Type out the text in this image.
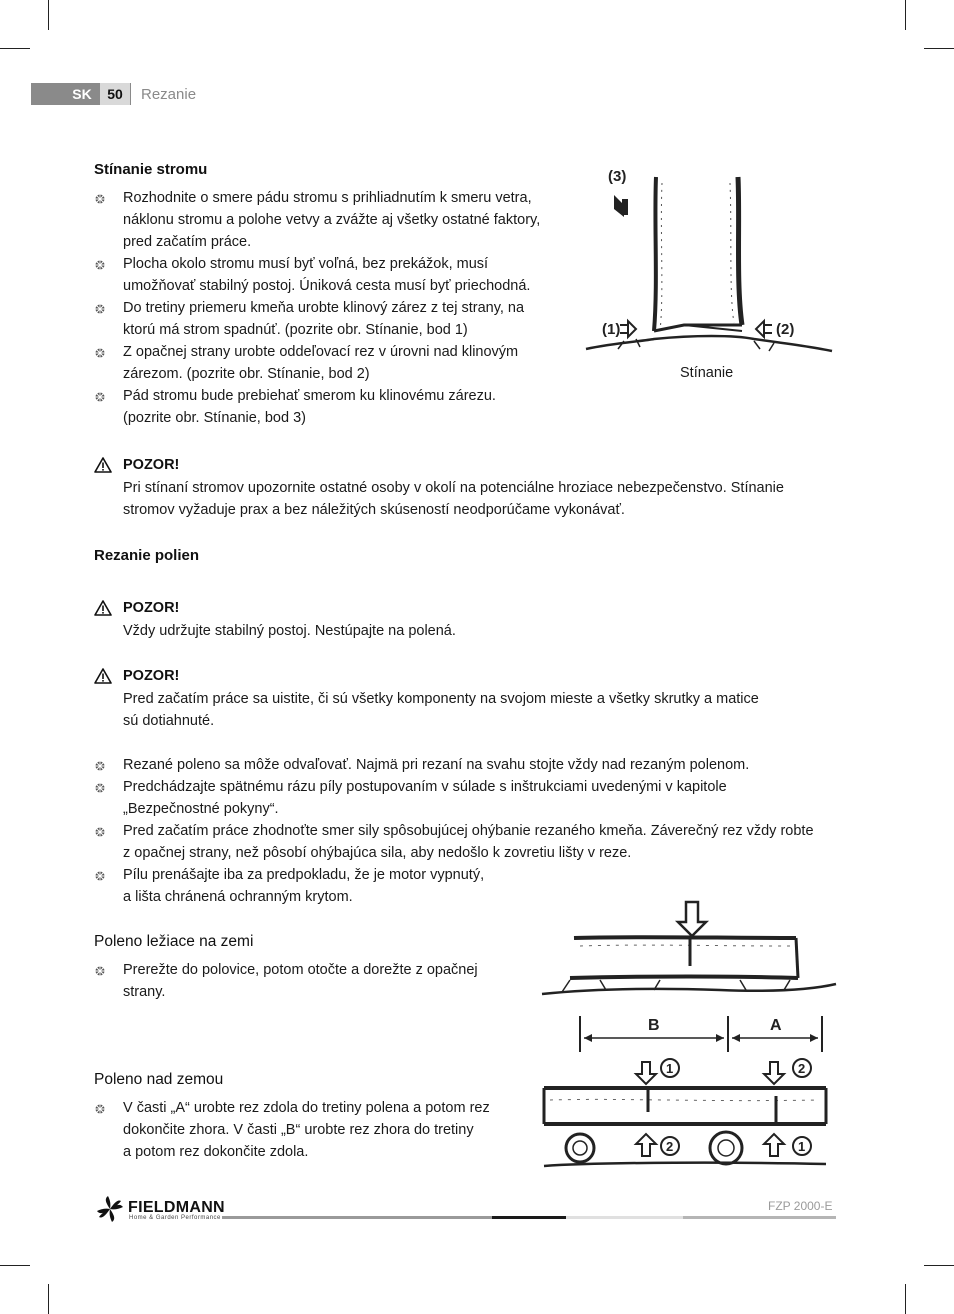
SK	50	Rezanie
Stínanie stromu

Rozhodnite o smere pádu stromu s prihliadnutím k smeru vetra,
náklonu stromu a polohe vetvy a zvážte aj všetky ostatné faktory,
pred začatím práce.

Plocha okolo stromu musí byť voľná, bez prekážok, musí
umožňovať stabilný postoj. Úniková cesta musí byť priechodná.

Do tretiny priemeru kmeňa urobte klinový zárez z tej strany, na
ktorú má strom spadnúť. (pozrite obr. Stínanie, bod 1)

Z opačnej strany urobte oddeľovací rez v úrovni nad klinovým
zárezom. (pozrite obr. Stínanie, bod 2)

Pád stromu bude prebiehať smerom ku klinovému zárezu.
(pozrite obr. Stínanie, bod 3)

(3)
(1)	(2)
Stínanie
POZOR!

Pri stínaní stromov upozornite ostatné osoby v okolí na potenciálne hroziace nebezpečenstvo. Stínanie
stromov vyžaduje prax a bez náležitých skúseností neodporúčame vykonávať.

Rezanie polien
POZOR!

Vždy udržujte stabilný postoj. Nestúpajte na polená.

POZOR!

Pred začatím práce sa uistite, či sú všetky komponenty na svojom mieste a všetky skrutky a matice
sú dotiahnuté.

Rezané poleno sa môže odvaľovať. Najmä pri rezaní na svahu stojte vždy nad rezaným polenom.

Predchádzajte spätnému rázu píly postupovaním v súlade s inštrukciami uvedenými v kapitole
„Bezpečnostné pokyny“.

Pred začatím práce zhodnoťte smer sily spôsobujúcej ohýbanie rezaného kmeňa. Záverečný rez vždy robte
z opačnej strany, než pôsobí ohýbajúca sila, aby nedošlo k zovretiu lišty v reze.

Pílu prenášajte iba za predpokladu, že je motor vypnutý,
a lišta chránená ochranným krytom.

Poleno ležiace na zemi

Prerežte do polovice, potom otočte a dorežte z opačnej
strany.

Poleno nad zemou

V časti „A“ urobte rez zdola do tretiny polena a potom rez
dokončite zhora. V časti „B“ urobte rez zhora do tretiny
a potom rez dokončite zdola.

B	A
1	2
2	1
FIELDMANN
Home & Garden Performance
FZP 2000-E
